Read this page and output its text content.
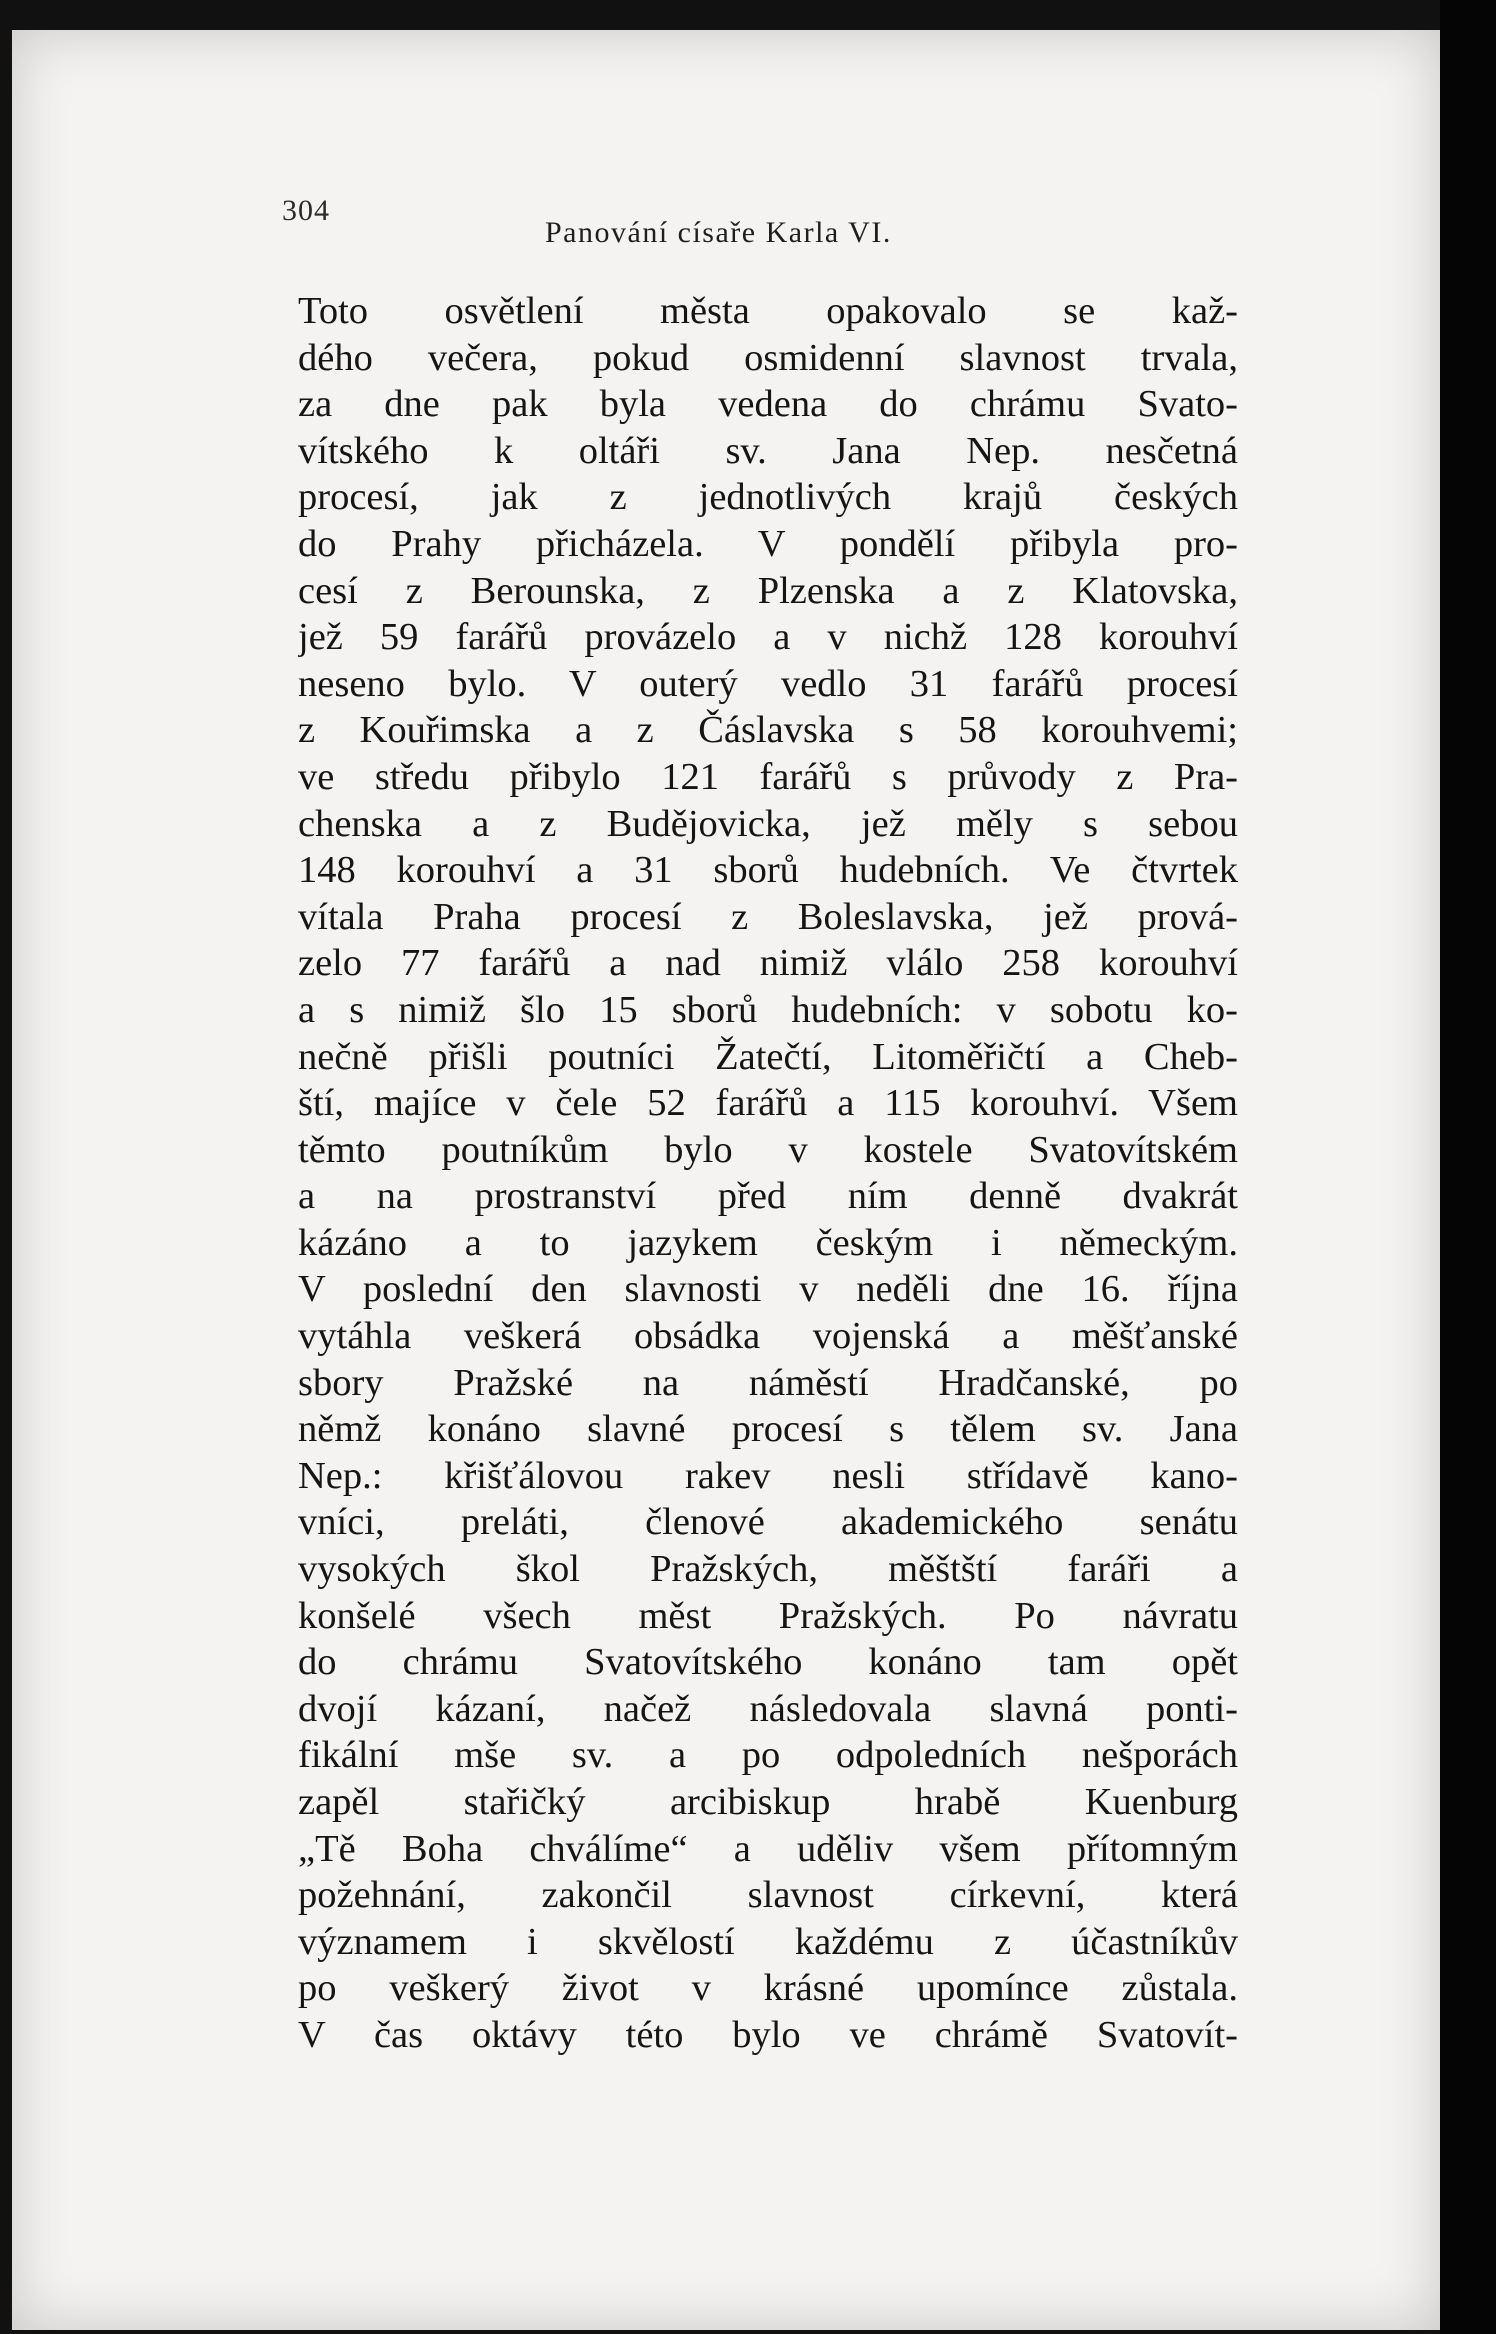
304
Panování císaře Karla VI.
Toto osvětlení města opakovalo se kaž-
dého večera, pokud osmidenní slavnost trvala,
za dne pak byla vedena do chrámu Svato-
vítského k oltáři sv. Jana Nep. nesčetná
procesí, jak z jednotlivých krajů českých
do Prahy přicházela. V pondělí přibyla pro-
cesí z Berounska, z Plzenska a z Klatovska,
jež 59 farářů provázelo a v nichž 128 korouhví
neseno bylo. V outerý vedlo 31 farářů procesí
z Kouřimska a z Čáslavska s 58 korouhvemi;
ve středu přibylo 121 farářů s průvody z Pra-
chenska a z Budějovicka, jež měly s sebou
148 korouhví a 31 sborů hudebních. Ve čtvrtek
vítala Praha procesí z Boleslavska, jež prová-
zelo 77 farářů a nad nimiž vlálo 258 korouhví
a s nimiž šlo 15 sborů hudebních: v sobotu ko-
nečně přišli poutníci Žatečtí, Litoměřičtí a Cheb-
ští, majíce v čele 52 farářů a 115 korouhví. Všem
těmto poutníkům bylo v kostele Svatovítském
a na prostranství před ním denně dvakrát
kázáno a to jazykem českým i německým.
V poslední den slavnosti v neděli dne 16. října
vytáhla veškerá obsádka vojenská a měšťanské
sbory Pražské na náměstí Hradčanské, po
němž konáno slavné procesí s tělem sv. Jana
Nep.: křišťálovou rakev nesli střídavě kano-
vníci, preláti, členové akademického senátu
vysokých škol Pražských, měštští faráři a
konšelé všech měst Pražských. Po návratu
do chrámu Svatovítského konáno tam opět
dvojí kázaní, načež následovala slavná ponti-
fikální mše sv. a po odpoledních nešporách
zapěl stařičký arcibiskup hrabě Kuenburg
„Tě Boha chválíme“ a uděliv všem přítomným
požehnání, zakončil slavnost církevní, která
významem i skvělostí každému z účastníkův
po veškerý život v krásné upomínce zůstala.
V čas oktávy této bylo ve chrámě Svatovít-
